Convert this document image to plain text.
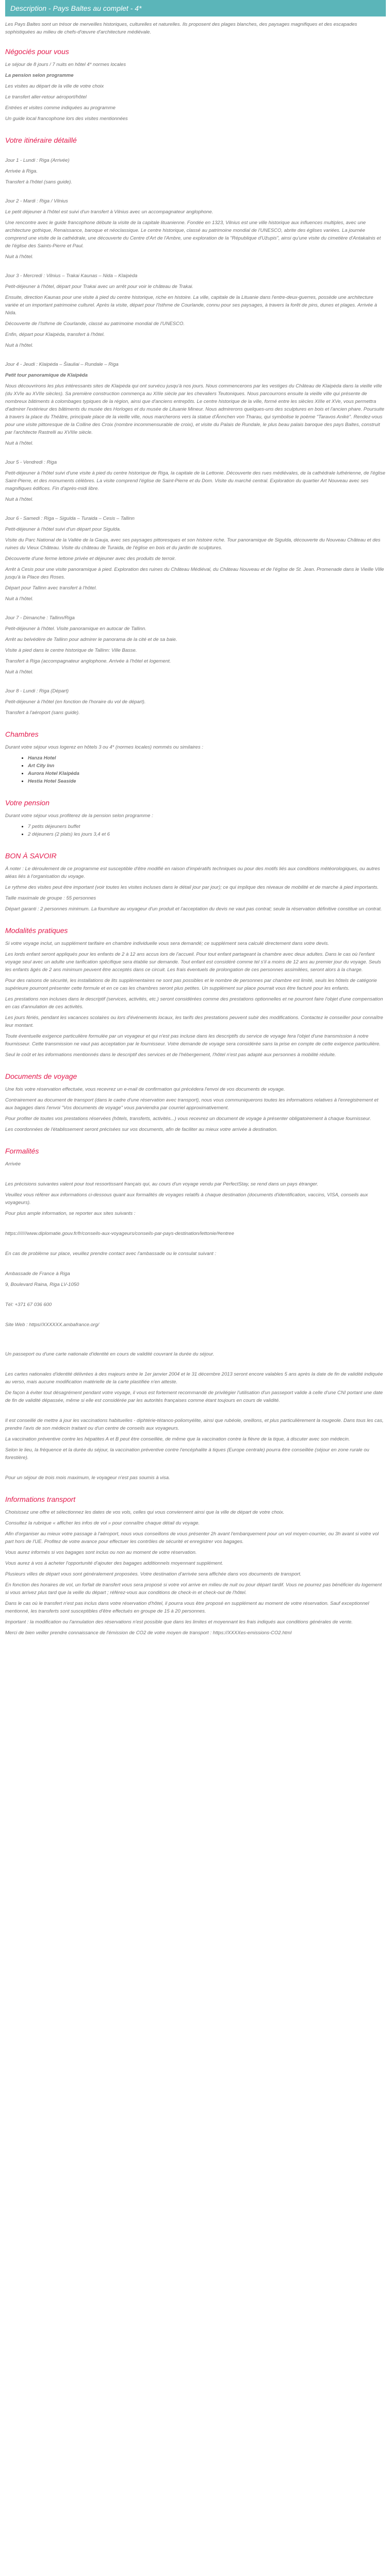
Description - Pays Baltes au complet - 4*

Les Pays Baltes sont un trésor de merveilles historiques, culturelles et naturelles. Ils proposent des plages blanches, des paysages magnifiques et des escapades sophistiquées au milieu de chefs-d'œuvre d'architecture médiévale.

Négociés pour vous

Le séjour de 8 jours / 7 nuits en hôtel 4* normes locales

La pension selon programme

Les visites au départ de la ville de votre choix

Le transfert aller-retour aéroport/hôtel

Entrées et visites comme indiquées au programme

Un guide local francophone lors des visites mentionnées

Votre itinéraire détaillé

Jour 1 - Lundi : Riga (Arrivée)

Arrivée à Riga.

Transfert à l'hôtel (sans guide).

Jour 2 - Mardi : Riga / Vilnius

Le petit déjeuner à l'hôtel est suivi d'un transfert à Vilnius avec un accompagnateur anglophone.

Une rencontre avec le guide francophone débute la visite de la capitale lituanienne. Fondée en 1323, Vilnius est une ville historique aux influences multiples, avec une architecture gothique, Renaissance, baroque et néoclassique. Le centre historique, classé au patrimoine mondial de l'UNESCO, abrite des églises variées. La journée comprend une visite de la cathédrale, une découverte du Centre d'Art de l'Ambre, une exploration de la "République d'Užupis", ainsi qu'une visite du cimetière d'Antakalnis et de l'église des Saints-Pierre et Paul.

Nuit à l'hôtel.

Jour 3 - Mercredi : Vilnius – Trakai Kaunas – Nida – Klaipėda

Petit-déjeuner à l'hôtel, départ pour Trakai avec un arrêt pour voir le château de Trakai.

Ensuite, direction Kaunas pour une visite à pied du centre historique, riche en histoire. La ville, capitale de la Lituanie dans l'entre-deux-guerres, possède une architecture variée et un important patrimoine culturel. Après la visite, départ pour l'Isthme de Courlande, connu pour ses paysages, à travers la forêt de pins, dunes et plages. Arrivée à Nida.

Découverte de l'Isthme de Courlande, classé au patrimoine mondial de l'UNESCO.

Enfin, départ pour Klaipėda, transfert à l'hôtel.

Nuit à l'hôtel.

Jour 4 - Jeudi : Klaipėda – Šiauliai – Rundale – Riga

Petit tour panoramique de Klaipėda

Nous découvrirons les plus intéressants sites de Klaipėda qui ont survécu jusqu'à nos jours. Nous commencerons par les vestiges du Château de Klaipėda dans la vieille ville (du XVIe au XVIIe siècles). Sa première construction commença au XIIIe siècle par les chevaliers Teutoniques. Nous parcourrons ensuite la vieille ville qui présente de nombreux bâtiments à colombages typiques de la région, ainsi que d'anciens entrepôts. Le centre historique de la ville, formé entre les siècles XIIIe et XVe, vous permettra d'admirer l'extérieur des bâtiments du musée des Horloges et du musée de Lituanie Mineur. Nous admirerons quelques-uns des sculptures en bois et l'ancien phare. Poursuite à travers la place du Théâtre, principale place de la vieille ville, nous marcherons vers la statue d'Ännchen von Tharau, qui symbolise le poème "Taravos Anikė". Rendez-vous pour une visite pittoresque de la Colline des Croix (nombre incommensurable de croix), et visite du Palais de Rundale, le plus beau palais baroque des pays Baltes, construit par l'architecte Rastrelli au XVIIIe siècle.

Nuit à l'hôtel.

Jour 5 - Vendredi : Riga

Petit-déjeuner à l'hôtel suivi d'une visite à pied du centre historique de Riga, la capitale de la Lettonie. Découverte des rues médiévales, de la cathédrale luthérienne, de l'église Saint-Pierre, et des monuments célèbres. La visite comprend l'église de Saint-Pierre et du Dom. Visite du marché central. Exploration du quartier Art Nouveau avec ses magnifiques édifices. Fin d'après-midi libre.

Nuit à l'hôtel.

Jour 6 - Samedi : Riga – Sigulda – Turaida – Cesis – Tallinn

Petit-déjeuner à l'hôtel suivi d'un départ pour Sigulda.

Visite du Parc National de la Vallée de la Gauja, avec ses paysages pittoresques et son histoire riche. Tour panoramique de Sigulda, découverte du Nouveau Château et des ruines du Vieux Château. Visite du château de Turaida, de l'église en bois et du jardin de sculptures.

Découverte d'une ferme lettone privée et déjeuner avec des produits de terroir.

Arrêt à Cesis pour une visite panoramique à pied. Exploration des ruines du Château Médiéval, du Château Nouveau et de l'église de St. Jean. Promenade dans le Vieille Ville jusqu'à la Place des Roses.

Départ pour Tallinn avec transfert à l'hôtel.

Nuit à l'hôtel.

Jour 7 - Dimanche : Tallinn/Riga

Petit-déjeuner à l'hôtel. Visite panoramique en autocar de Tallinn.

Arrêt au belvédère de Tallinn pour admirer le panorama de la cité et de sa baie.

Visite à pied dans le centre historique de Tallinn: Ville Basse.

Transfert à Riga (accompagnateur anglophone. Arrivée à l'hôtel et logement.

Nuit à l'hôtel.

Jour 8 - Lundi : Riga (Départ)

Petit-déjeuner à l'hôtel (en fonction de l'horaire du vol de départ).

Transfert à l'aéroport (sans guide).

Chambres

Durant votre séjour vous logerez en hôtels 3 ou 4* (normes locales) nommés ou similaires :

• Hanza Hotel
• Art City Inn
• Aurora Hotel Klaipėda
• Hestia Hotel Seaside
Votre pension

Durant votre séjour vous profiterez de la pension selon programme :

• 7 petits déjeuners buffet
• 2 déjeuners (2 plats) les jours 3,4 et 6
BON À SAVOIR

À noter : Le déroulement de ce programme est susceptible d'être modifié en raison d'impératifs techniques ou pour des motifs liés aux conditions météorologiques, ou autres aléas liés à l'organisation du voyage.

Le rythme des visites peut être important (voir toutes les visites incluses dans le détail jour par jour); ce qui implique des niveaux de mobilité et de marche à pied importants.

Taille maximale de groupe : 55 personnes

Départ garanti : 2 personnes minimum. La fourniture au voyageur d'un produit et l'acceptation du devis ne vaut pas contrat; seule la réservation définitive constitue un contrat.

Modalités pratiques

Si votre voyage inclut, un supplément tarifaire en chambre individuelle vous sera demandé; ce supplément sera calculé directement dans votre devis.

Les lords enfant seront appliqués pour les enfants de 2 à 12 ans accus lors de l'accueil. Pour tout enfant partageant la chambre avec deux adultes. Dans le cas où l'enfant voyage seul avec un adulte une tarification spécifique sera établie sur demande. Tout enfant est considéré comme tel s'il a moins de 12 ans au premier jour du voyage. Seuls les enfants âgés de 2 ans minimum peuvent être acceptés dans ce circuit. Les frais éventuels de prolongation de ces personnes assimilées, seront alors à la charge.

Pour des raisons de sécurité, les installations de lits supplémentaires ne sont pas possibles et le nombre de personnes par chambre est limité, seuls les hôtels de catégorie supérieure pourront présenter cette formule et en ce cas les chambres seront plus petites. Un supplément sur place pourrait vous être facturé pour les enfants.

Les prestations non incluses dans le descriptif (services, activités, etc.) seront considérées comme des prestations optionnelles et ne pourront faire l'objet d'une compensation en cas d'annulation de ces activités.

Les jours fériés, pendant les vacances scolaires ou lors d'événements locaux, les tarifs des prestations peuvent subir des modifications. Contactez le conseiller pour connaître leur montant.

Toute éventuelle exigence particulière formulée par un voyageur et qui n'est pas incluse dans les descriptifs du service de voyage fera l'objet d'une transmission à notre fournisseur. Cette transmission ne vaut pas acceptation par le fournisseur. Votre demande de voyage sera considérée sans la prise en compte de cette exigence particulière.

Seul le coût et les informations mentionnés dans le descriptif des services et de l'hébergement, l'hôtel n'est pas adapté aux personnes à mobilité réduite.

Documents de voyage

Une fois votre réservation effectuée, vous recevrez un e-mail de confirmation qui précédera l'envoi de vos documents de voyage.

Contrairement au document de transport (dans le cadre d'une réservation avec transport), nous vous communiquerons toutes les informations relatives à l'enregistrement et aux bagages dans l'envoi "Vos documents de voyage" vous parviendra par courriel approximativement.

Pour profiter de toutes vos prestations réservées (hôtels, transferts, activités...) vous recevrez un document de voyage à présenter obligatoirement à chaque fournisseur.

Les coordonnées de l'établissement seront précisées sur vos documents, afin de faciliter au mieux votre arrivée à destination.

Formalités

Arrivée

Les précisions suivantes valent pour tout ressortissant français qui, au cours d'un voyage vendu par PerfectStay, se rend dans un pays étranger.

Veuillez vous référer aux informations ci-dessous quant aux formalités de voyages relatifs à chaque destination (documents d'identification, vaccins, VISA, conseils aux voyageurs).

Pour plus ample information, se reporter aux sites suivants :

https:///////www.diplomatie.gouv.fr/fr/conseils-aux-voyageurs/conseils-par-pays-destination/lettonie/#entree

En cas de problème sur place, veuillez prendre contact avec l'ambassade ou le consulat suivant :

Ambassade de France à Riga

9, Boulevard Raina, Riga LV-1050

Tél: +371 67 036 600

Site Web : https//XXXXXX.ambafrance.org/

Un passeport ou d'une carte nationale d'identité en cours de validité couvrant la durée du séjour.

Les cartes nationales d'identité délivrées à des majeurs entre le 1er janvier 2004 et le 31 décembre 2013 seront encore valables 5 ans après la date de fin de validité indiquée au verso, mais aucune modification matérielle de la carte plastifiée n'en atteste.

De façon à éviter tout désagrément pendant votre voyage, il vous est fortement recommandé de privilégier l'utilisation d'un passeport valide à celle d'une CNI portant une date de fin de validité dépassée, même si elle est considérée par les autorités françaises comme étant toujours en cours de validité.

Il est conseillé de mettre à jour les vaccinations habituelles - diphtérie-tétanos-poliomyélite, ainsi que rubéole, oreillons, et plus particulièrement la rougeole. Dans tous les cas, prendre l'avis de son médecin traitant ou d'un centre de conseils aux voyageurs.

La vaccination préventive contre les hépatites A et B peut être conseillée, de même que la vaccination contre la fièvre de la tique, à discuter avec son médecin.

Selon le lieu, la fréquence et la durée du séjour, la vaccination préventive contre l'encéphalite à tiques (Europe centrale) pourra être conseillée (séjour en zone rurale ou forestière).

Pour un séjour de trois mois maximum, le voyageur n'est pas soumis à visa.

Informations transport

Choisissez une offre et sélectionnez les dates de vos vols, celles qui vous conviennent ainsi que la ville de départ de votre choix.

Consultez la rubrique « afficher les infos de vol » pour connaître chaque détail du voyage.

Afin d'organiser au mieux votre passage à l'aéroport, nous vous conseillons de vous présenter 2h avant l'embarquement pour un vol moyen-courrier, ou 3h avant si votre vol part hors de l'UE. Profitez de votre avance pour effectuer les contrôles de sécurité et enregistrer vos bagages.

Vous aurez informés si vos bagages sont inclus ou non au moment de votre réservation.

Vous aurez à vos à acheter l'opportunité d'ajouter des bagages additionnels moyennant supplément.

Plusieurs villes de départ vous sont généralement proposées. Votre destination d'arrivée sera affichée dans vos documents de transport.

En fonction des horaires de vol, un forfait de transfert vous sera proposé si votre vol arrive en milieu de nuit ou pour départ tardif. Vous ne pourrez pas bénéficier du logement si vous arrivez plus tard que la veille du départ ; référez-vous aux conditions de check-in et check-out de l'hôtel.

Dans le cas où le transfert n'est pas inclus dans votre réservation d'hôtel, il pourra vous être proposé en supplément au moment de votre réservation. Sauf exceptionnel mentionné, les transferts sont susceptibles d'être effectués en groupe de 15 à 20 personnes.

Important : la modification ou l'annulation des réservations n'est possible que dans les limites et moyennant les frais indiqués aux conditions générales de vente.

Merci de bien veiller prendre connaissance de l'émission de CO2 de votre moyen de transport : https://XXXXes-emissions-CO2.html
